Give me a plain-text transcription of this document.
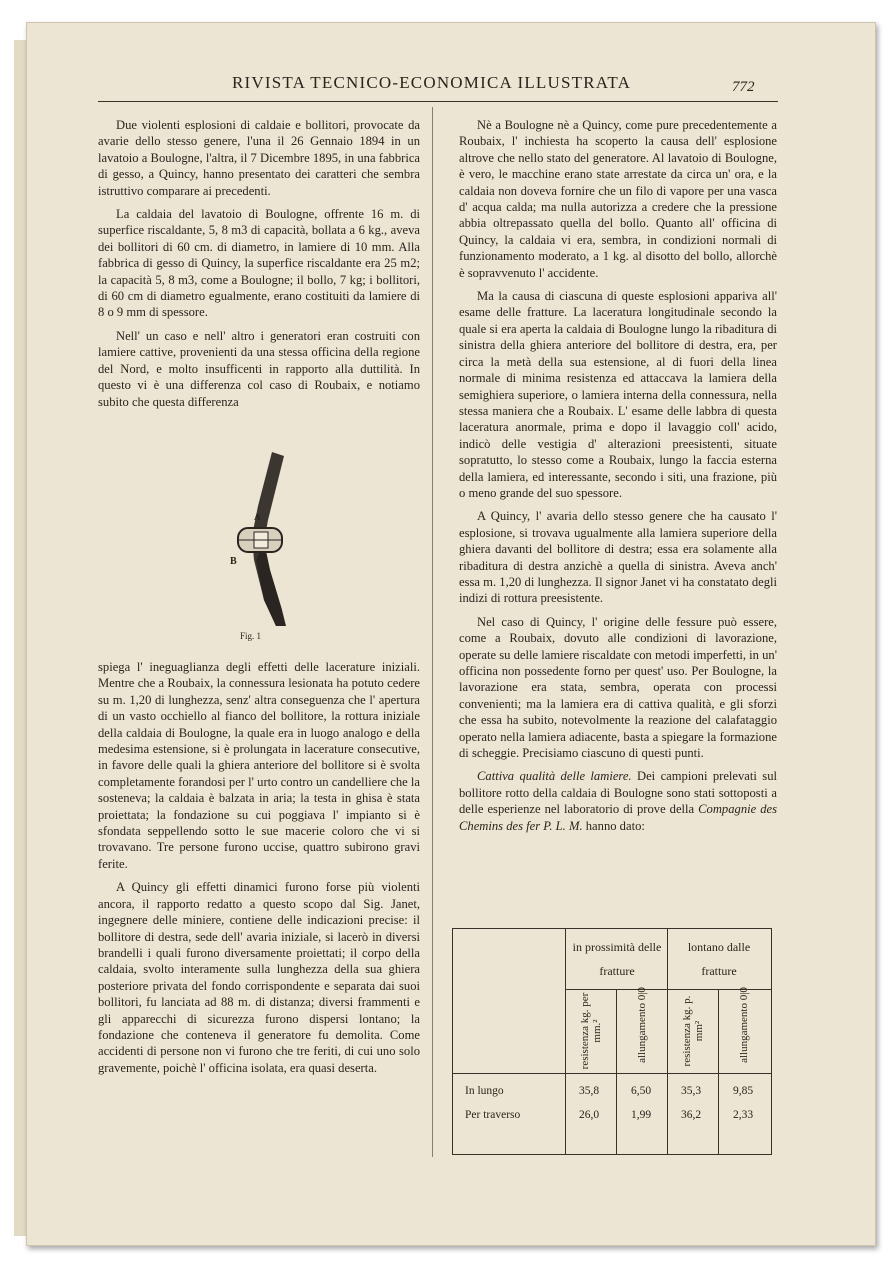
RIVISTA TECNICO-ECONOMICA ILLUSTRATA	772

Due violenti esplosioni di caldaie e bollitori, provocate da avarie dello stesso genere, l'una il 26 Gennaio 1894 in un lavatoio a Boulogne, l'altra, il 7 Dicembre 1895, in una fabbrica di gesso, a Quincy, hanno presentato dei caratteri che sembra istruttivo comparare ai precedenti.

La caldaia del lavatoio di Boulogne, offrente 16 m. di superfice riscaldante, 5, 8 m3 di capacità, bollata a 6 kg., aveva dei bollitori di 60 cm. di diametro, in lamiere di 10 mm. Alla fabbrica di gesso di Quincy, la superfice riscaldante era 25 m2; la capacità 5, 8 m3, come a Boulogne; il bollo, 7 kg; i bollitori, di 60 cm di diametro egualmente, erano costituiti da lamiere di 8 o 9 mm di spessore.

Nell' un caso e nell' altro i generatori eran costruiti con lamiere cattive, provenienti da una stessa officina della regione del Nord, e molto insufficenti in rapporto alla duttilità. In questo vi è una differenza col caso di Roubaix, e notiamo subito che questa differenza

A
B
Fig. 1

spiega l' ineguaglianza degli effetti delle lacerature iniziali. Mentre che a Roubaix, la connessura lesionata ha potuto cedere su m. 1,20 di lunghezza, senz' altra conseguenza che l' apertura di un vasto occhiello al fianco del bollitore, la rottura iniziale della caldaia di Boulogne, la quale era in luogo analogo e della medesima estensione, si è prolungata in lacerature consecutive, in favore delle quali la ghiera anteriore del bollitore si è svolta completamente forandosi per l' urto contro un candelliere che la sosteneva; la caldaia è balzata in aria; la testa in ghisa è stata proiettata; la fondazione su cui poggiava l' impianto si è sfondata seppellendo sotto le sue macerie coloro che vi si trovavano. Tre persone furono uccise, quattro subirono gravi ferite.

A Quincy gli effetti dinamici furono forse più violenti ancora, il rapporto redatto a questo scopo dal Sig. Janet, ingegnere delle miniere, contiene delle indicazioni precise: il bollitore di destra, sede dell' avaria iniziale, si lacerò in diversi brandelli i quali furono diversamente proiettati; il corpo della caldaia, svolto interamente sulla lunghezza della sua ghiera posteriore privata del fondo corrispondente e separata dai suoi bollitori, fu lanciata ad 88 m. di distanza; diversi frammenti e gli apparecchi di sicurezza furono dispersi lontano; la fondazione che conteneva il generatore fu demolita. Come accidenti di persone non vi furono che tre feriti, di cui uno solo gravemente, poichè l' officina isolata, era quasi deserta.

Nè a Boulogne nè a Quincy, come pure precedentemente a Roubaix, l' inchiesta ha scoperto la causa dell' esplosione altrove che nello stato del generatore. Al lavatoio di Boulogne, è vero, le macchine erano state arrestate da circa un' ora, e la caldaia non doveva fornire che un filo di vapore per una vasca d' acqua calda; ma nulla autorizza a credere che la pressione abbia oltrepassato quella del bollo. Quanto all' officina di Quincy, la caldaia vi era, sembra, in condizioni normali di funzionamento moderato, a 1 kg. al disotto del bollo, allorchè è sopravvenuto l' accidente.

Ma la causa di ciascuna di queste esplosioni appariva all' esame delle fratture. La laceratura longitudinale secondo la quale si era aperta la caldaia di Boulogne lungo la ribaditura di sinistra della ghiera anteriore del bollitore di destra, era, per circa la metà della sua estensione, al di fuori della linea normale di minima resistenza ed attaccava la lamiera della semighiera superiore, o lamiera interna della connessura, nella stessa maniera che a Roubaix. L' esame delle labbra di questa laceratura anormale, prima e dopo il lavaggio coll' acido, indicò delle vestigia d' alterazioni preesistenti, situate sopratutto, lo stesso come a Roubaix, lungo la faccia esterna della lamiera, ed interessante, secondo i siti, una frazione, più o meno grande del suo spessore.

A Quincy, l' avaria dello stesso genere che ha causato l' esplosione, si trovava ugualmente alla lamiera superiore della ghiera davanti del bollitore di destra; essa era solamente alla ribaditura di destra anzichè a quella di sinistra. Aveva anch' essa m. 1,20 di lunghezza. Il signor Janet vi ha constatato degli indizi di rottura preesistente.

Nel caso di Quincy, l' origine delle fessure può essere, come a Roubaix, dovuto alle condizioni di lavorazione, operate su delle lamiere riscaldate con metodi imperfetti, in un' officina non possedente forno per quest' uso. Per Boulogne, la lavorazione era stata, sembra, operata con processi convenienti; ma la lamiera era di cattiva qualità, e gli sforzi che essa ha subito, notevolmente la reazione del calafataggio operato nella lamiera adiacente, basta a spiegare la formazione di scheggie. Precisiamo ciascuno di questi punti.

Cattiva qualità delle lamiere. Dei campioni prelevati sul bollitore rotto della caldaia di Boulogne sono stati sottoposti a delle esperienze nel laboratorio di prove della Compagnie des Chemins des fer P. L. M. hanno dato:

in prossimità delle fratture
lontano dalle fratture
resistenza kg. per mm.²	allungamento 0|0	resistenza kg. p. mm²	allungamento 0|0
In lungo	35,8	6,50	35,3	9,85
Per traverso	26,0	1,99	36,2	2,33
